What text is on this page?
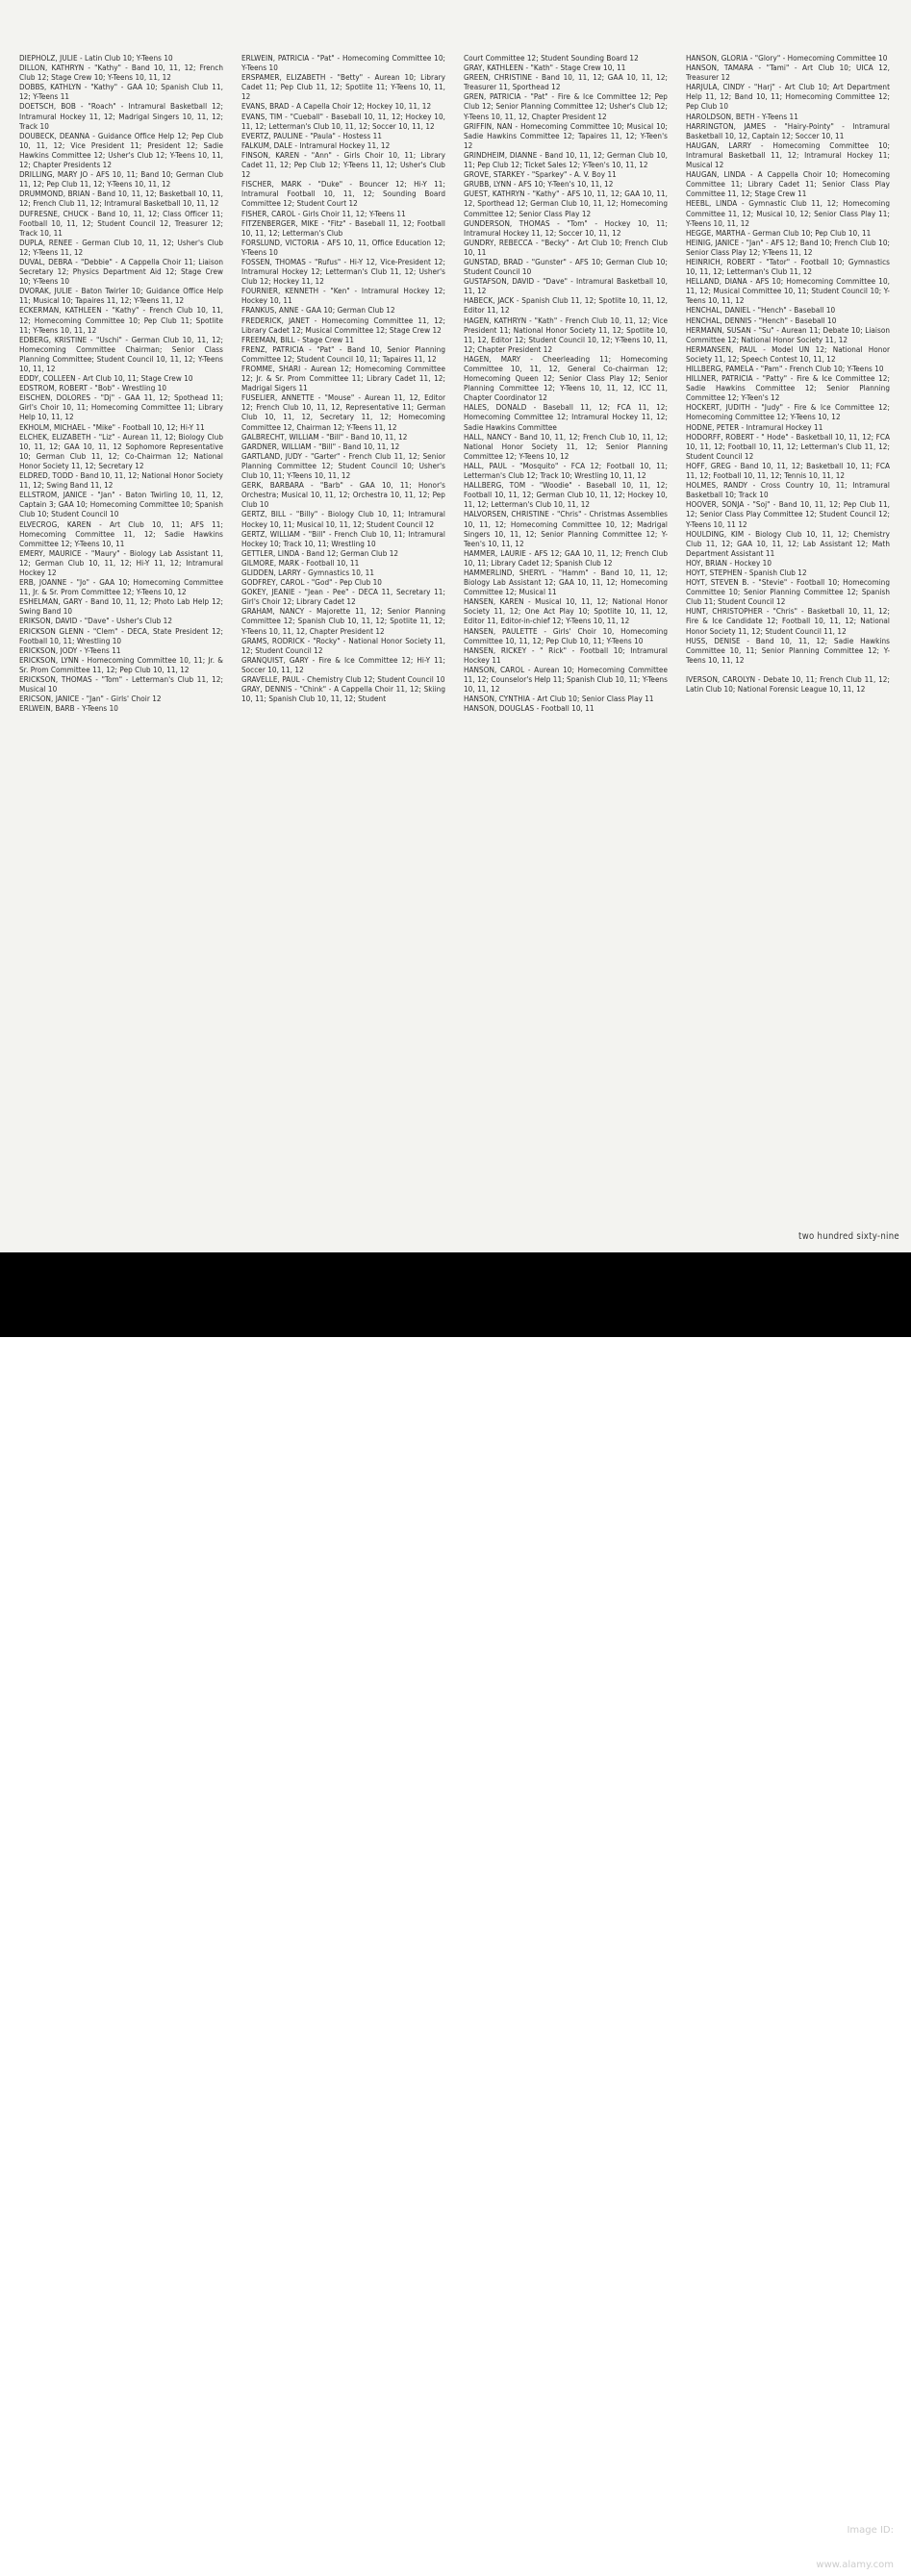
DIEPHOLZ, JULIE - Latin Club 10; Y-Teens 10

DILLON, KATHRYN - "Kathy" - Band 10, 11, 12; French Club 12; Stage Crew 10; Y-Teens 10, 11, 12

DOBBS, KATHLYN - "Kathy" - GAA 10; Spanish Club 11, 12; Y-Teens 11

DOETSCH, BOB - "Roach" - Intramural Basketball 12; Intramural Hockey 11, 12; Madrigal Singers 10, 11, 12; Track 10

DOUBECK, DEANNA - Guidance Office Help 12; Pep Club 10, 11, 12; Vice President 11; President 12; Sadie Hawkins Committee 12; Usher's Club 12; Y-Teens 10, 11, 12; Chapter Presidents 12

DRILLING, MARY JO - AFS 10, 11; Band 10; German Club 11, 12; Pep Club 11, 12; Y-Teens 10, 11, 12

DRUMMOND, BRIAN - Band 10, 11, 12; Basketball 10, 11, 12; French Club 11, 12; Intramural Basketball 10, 11, 12

DUFRESNE, CHUCK - Band 10, 11, 12; Class Officer 11; Football 10, 11, 12; Student Council 12, Treasurer 12; Track 10, 11

DUPLA, RENEE - German Club 10, 11, 12; Usher's Club 12; Y-Teens 11, 12

DUVAL, DEBRA - "Debbie" - A Cappella Choir 11; Liaison Secretary 12; Physics Department Aid 12; Stage Crew 10; Y-Teens 10

DVORAK, JULIE - Baton Twirler 10; Guidance Office Help 11; Musical 10; Tapaires 11, 12; Y-Teens 11, 12

ECKERMAN, KATHLEEN - "Kathy" - French Club 10, 11, 12; Homecoming Committee 10; Pep Club 11; Spotlite 11; Y-Teens 10, 11, 12

EDBERG, KRISTINE - "Uschi" - German Club 10, 11, 12; Homecoming Committee Chairman; Senior Class Planning Committee; Student Council 10, 11, 12; Y-Teens 10, 11, 12

EDDY, COLLEEN - Art Club 10, 11; Stage Crew 10

EDSTROM, ROBERT - "Bob" - Wrestling 10

EISCHEN, DOLORES - "Dj" - GAA 11, 12; Spothead 11; Girl's Choir 10, 11; Homecoming Committee 11; Library Help 10, 11, 12

EKHOLM, MICHAEL - "Mike" - Football 10, 12; Hi-Y 11

ELCHEK, ELIZABETH - "Liz" - Aurean 11, 12; Biology Club 10, 11, 12; GAA 10, 11, 12 Sophomore Representative 10; German Club 11, 12; Co-Chairman 12; National Honor Society 11, 12; Secretary 12

ELDRED, TODD - Band 10, 11, 12; National Honor Society 11, 12; Swing Band 11, 12

ELLSTROM, JANICE - "Jan" - Baton Twirling 10, 11, 12, Captain 3; GAA 10; Homecoming Committee 10; Spanish Club 10; Student Council 10

ELVECROG, KAREN - Art Club 10, 11; AFS 11; Homecoming Committee 11, 12; Sadie Hawkins Committee 12; Y-Teens 10, 11

EMERY, MAURICE - "Maury" - Biology Lab Assistant 11, 12; German Club 10, 11, 12; Hi-Y 11, 12; Intramural Hockey 12

ERB, JOANNE - "Jo" - GAA 10; Homecoming Committee 11, Jr. & Sr. Prom Committee 12; Y-Teens 10, 12

ESHELMAN, GARY - Band 10, 11, 12; Photo Lab Help 12; Swing Band 10

ERIKSON, DAVID - "Dave" - Usher's Club 12

ERICKSON GLENN - "Clem" - DECA, State President 12; Football 10, 11; Wrestling 10

ERICKSON, JODY - Y-Teens 11

ERICKSON, LYNN - Homecoming Committee 10, 11; Jr. & Sr. Prom Committee 11, 12; Pep Club 10, 11, 12

ERICKSON, THOMAS - "Tom" - Letterman's Club 11, 12; Musical 10

ERICSON, JANICE - "Jan" - Girls' Choir 12

ERLWEIN, BARB - Y-Teens 10

ERLWEIN, PATRICIA - "Pat" - Homecoming Committee 10; Y-Teens 10

ERSPAMER, ELIZABETH - "Betty" - Aurean 10; Library Cadet 11; Pep Club 11, 12; Spotlite 11; Y-Teens 10, 11, 12

EVANS, BRAD - A Capella Choir 12; Hockey 10, 11, 12

EVANS, TIM - "Cueball" - Baseball 10, 11, 12; Hockey 10, 11, 12; Letterman's Club 10, 11, 12; Soccer 10, 11, 12

EVERTZ, PAULINE - "Paula" - Hostess 11

FALKUM, DALE - Intramural Hockey 11, 12

FINSON, KAREN - "Ann" - Girls Choir 10, 11; Library Cadet 11, 12; Pep Club 12; Y-Teens 11, 12; Usher's Club 12

FISCHER, MARK - "Duke" - Bouncer 12; Hi-Y 11; Intramural Football 10, 11, 12; Sounding Board Committee 12; Student Court 12

FISHER, CAROL - Girls Choir 11, 12; Y-Teens 11

FITZENBERGER, MIKE - "Fitz" - Baseball 11, 12; Football 10, 11, 12; Letterman's Club

FORSLUND, VICTORIA - AFS 10, 11, Office Education 12; Y-Teens 10

FOSSEN, THOMAS - "Rufus" - Hi-Y 12, Vice-President 12; Intramural Hockey 12; Letterman's Club 11, 12; Usher's Club 12; Hockey 11, 12

FOURNIER, KENNETH - "Ken" - Intramural Hockey 12; Hockey 10, 11

FRANKUS, ANNE - GAA 10; German Club 12

FREDERICK, JANET - Homecoming Committee 11, 12; Library Cadet 12; Musical Committee 12; Stage Crew 12

FREEMAN, BILL - Stage Crew 11

FRENZ, PATRICIA - "Pat" - Band 10, Senior Planning Committee 12; Student Council 10, 11; Tapaires 11, 12

FROMME, SHARI - Aurean 12; Homecoming Committee 12; Jr. & Sr. Prom Committee 11; Library Cadet 11, 12; Madrigal Sigers 11

FUSELIER, ANNETTE - "Mouse" - Aurean 11, 12, Editor 12; French Club 10, 11, 12, Representative 11; German Club 10, 11, 12, Secretary 11, 12; Homecoming Committee 12, Chairman 12; Y-Teens 11, 12

GALBRECHT, WILLIAM - "Bill" - Band 10, 11, 12

GARDNER, WILLIAM - "Bill" - Band 10, 11, 12

GARTLAND, JUDY - "Garter" - French Club 11, 12; Senior Planning Committee 12; Student Council 10; Usher's Club 10, 11; Y-Teens 10, 11, 12

GERK, BARBARA - "Barb" - GAA 10, 11; Honor's Orchestra; Musical 10, 11, 12; Orchestra 10, 11, 12; Pep Club 10

GERTZ, BILL - "Billy" - Biology Club 10, 11; Intramural Hockey 10, 11; Musical 10, 11, 12; Student Council 12

GERTZ, WILLIAM - "Bill" - French Club 10, 11; Intramural Hockey 10; Track 10, 11; Wrestling 10

GETTLER, LINDA - Band 12; German Club 12

GILMORE, MARK - Football 10, 11

GLIDDEN, LARRY - Gymnastics 10, 11

GODFREY, CAROL - "God" - Pep Club 10

GOKEY, JEANIE - "Jean - Pee" - DECA 11, Secretary 11; Girl's Choir 12; Library Cadet 12

GRAHAM, NANCY - Majorette 11, 12; Senior Planning Committee 12; Spanish Club 10, 11, 12; Spotlite 11, 12; Y-Teens 10, 11, 12, Chapter President 12

GRAMS, RODRICK - "Rocky" - National Honor Society 11, 12; Student Council 12

GRANQUIST, GARY - Fire & Ice Committee 12; Hi-Y 11; Soccer 10, 11, 12

GRAVELLE, PAUL - Chemistry Club 12; Student Council 10

GRAY, DENNIS - "Chink" - A Cappella Choir 11, 12; Skiing 10, 11; Spanish Club 10, 11, 12; Student

Court Committee 12; Student Sounding Board 12

GRAY, KATHLEEN - "Kath" - Stage Crew 10, 11

GREEN, CHRISTINE - Band 10, 11, 12; GAA 10, 11, 12; Treasurer 11, Sporthead 12

GREN, PATRICIA - "Pat" - Fire & Ice Committee 12; Pep Club 12; Senior Planning Committee 12; Usher's Club 12; Y-Teens 10, 11, 12, Chapter President 12

GRIFFIN, NAN - Homecoming Committee 10; Musical 10; Sadie Hawkins Committee 12; Tapaires 11, 12; Y-Teen's 12

GRINDHEIM, DIANNE - Band 10, 11, 12; German Club 10, 11; Pep Club 12; Ticket Sales 12; Y-Teen's 10, 11, 12

GROVE, STARKEY - "Sparkey" - A. V. Boy 11

GRUBB, LYNN - AFS 10; Y-Teen's 10, 11, 12

GUEST, KATHRYN - "Kathy" - AFS 10, 11, 12; GAA 10, 11, 12, Sporthead 12; German Club 10, 11, 12; Homecoming Committee 12; Senior Class Play 12

GUNDERSON, THOMAS - "Tom" - Hockey 10, 11; Intramural Hockey 11, 12; Soccer 10, 11, 12

GUNDRY, REBECCA - "Becky" - Art Club 10; French Club 10, 11

GUNSTAD, BRAD - "Gunster" - AFS 10; German Club 10; Student Council 10

GUSTAFSON, DAVID - "Dave" - Intramural Basketball 10, 11, 12

HABECK, JACK - Spanish Club 11, 12; Spotlite 10, 11, 12, Editor 11, 12

HAGEN, KATHRYN - "Kath" - French Club 10, 11, 12; Vice President 11; National Honor Society 11, 12; Spotlite 10, 11, 12, Editor 12; Student Council 10, 12; Y-Teens 10, 11, 12; Chapter President 12

HAGEN, MARY - Cheerleading 11; Homecoming Committee 10, 11, 12, General Co-chairman 12; Homecoming Queen 12; Senior Class Play 12; Senior Planning Committee 12; Y-Teens 10, 11, 12, ICC 11, Chapter Coordinator 12

HALES, DONALD - Baseball 11, 12; FCA 11, 12; Homecoming Committee 12; Intramural Hockey 11, 12; Sadie Hawkins Committee

HALL, NANCY - Band 10, 11, 12; French Club 10, 11, 12; National Honor Society 11, 12; Senior Planning Committee 12; Y-Teens 10, 12

HALL, PAUL - "Mosquito" - FCA 12; Football 10, 11; Letterman's Club 12; Track 10; Wrestling 10, 11, 12

HALLBERG, TOM - "Woodie" - Baseball 10, 11, 12; Football 10, 11, 12; German Club 10, 11, 12; Hockey 10, 11, 12; Letterman's Club 10, 11, 12

HALVORSEN, CHRISTINE - "Chris" - Christmas Assemblies 10, 11, 12; Homecoming Committee 10, 12; Madrigal Singers 10, 11, 12; Senior Planning Committee 12; Y-Teen's 10, 11, 12

HAMMER, LAURIE - AFS 12; GAA 10, 11, 12; French Club 10, 11; Library Cadet 12; Spanish Club 12

HAMMERLIND, SHERYL - "Hamm" - Band 10, 11, 12; Biology Lab Assistant 12; GAA 10, 11, 12; Homecoming Committee 12; Musical 11

HANSEN, KAREN - Musical 10, 11, 12; National Honor Society 11, 12; One Act Play 10; Spotlite 10, 11, 12, Editor 11, Editor-in-chief 12; Y-Teens 10, 11, 12

HANSEN, PAULETTE - Girls' Choir 10, Homecoming Committee 10, 11, 12; Pep Club 10, 11; Y-Teens 10

HANSEN, RICKEY - " Rick" - Football 10; Intramural Hockey 11

HANSON, CAROL - Aurean 10; Homecoming Committee 11, 12; Counselor's Help 11; Spanish Club 10, 11; Y-Teens 10, 11, 12

HANSON, CYNTHIA - Art Club 10; Senior Class Play 11

HANSON, DOUGLAS - Football 10, 11

HANSON, GLORIA - "Glory" - Homecoming Committee 10

HANSON, TAMARA - "Tami" - Art Club 10; UICA 12, Treasurer 12

HARJULA, CINDY - "Harj" - Art Club 10; Art Department Help 11, 12; Band 10, 11; Homecoming Committee 12; Pep Club 10

HAROLDSON, BETH - Y-Teens 11

HARRINGTON, JAMES - "Hairy-Pointy" - Intramural Basketball 10, 12, Captain 12; Soccer 10, 11

HAUGAN, LARRY - Homecoming Committee 10; Intramural Basketball 11, 12; Intramural Hockey 11; Musical 12

HAUGAN, LINDA - A Cappella Choir 10; Homecoming Committee 11; Library Cadet 11; Senior Class Play Committee 11, 12; Stage Crew 11

HEEBL, LINDA - Gymnastic Club 11, 12; Homecoming Committee 11, 12; Musical 10, 12; Senior Class Play 11; Y-Teens 10, 11, 12

HEGGE, MARTHA - German Club 10; Pep Club 10, 11

HEINIG, JANICE - "Jan" - AFS 12; Band 10; French Club 10; Senior Class Play 12; Y-Teens 11, 12

HEINRICH, ROBERT - "Tator" - Football 10; Gymnastics 10, 11, 12; Letterman's Club 11, 12

HELLAND, DIANA - AFS 10; Homecoming Committee 10, 11, 12; Musical Committee 10, 11; Student Council 10; Y-Teens 10, 11, 12

HENCHAL, DANIEL - "Hench" - Baseball 10

HENCHAL, DENNIS - "Hench" - Baseball 10

HERMANN, SUSAN - "Su" - Aurean 11; Debate 10; Liaison Committee 12; National Honor Society 11, 12

HERMANSEN, PAUL - Model UN 12; National Honor Society 11, 12; Speech Contest 10, 11, 12

HILLBERG, PAMELA - "Pam" - French Club 10; Y-Teens 10

HILLNER, PATRICIA - "Patty" - Fire & Ice Committee 12; Sadie Hawkins Committee 12; Senior Planning Committee 12; Y-Teen's 12

HOCKERT, JUDITH - "Judy" - Fire & Ice Committee 12; Homecoming Committee 12; Y-Teens 10, 12

HODNE, PETER - Intramural Hockey 11

HODORFF, ROBERT - " Hode" - Basketball 10, 11, 12; FCA 10, 11, 12; Football 10, 11, 12; Letterman's Club 11, 12; Student Council 12

HOFF, GREG - Band 10, 11, 12; Basketball 10, 11; FCA 11, 12; Football 10, 11, 12; Tennis 10, 11, 12

HOLMES, RANDY - Cross Country 10, 11; Intramural Basketball 10; Track 10

HOOVER, SONJA - "Soj" - Band 10, 11, 12; Pep Club 11, 12; Senior Class Play Committee 12; Student Council 12; Y-Teens 10, 11 12

HOULDING, KIM - Biology Club 10, 11, 12; Chemistry Club 11, 12; GAA 10, 11, 12; Lab Assistant 12; Math Department Assistant 11

HOY, BRIAN - Hockey 10

HOYT, STEPHEN - Spanish Club 12

HOYT, STEVEN B. - "Stevie" - Football 10; Homecoming Committee 10; Senior Planning Committee 12; Spanish Club 11; Student Council 12

HUNT, CHRISTOPHER - "Chris" - Basketball 10, 11, 12; Fire & Ice Candidate 12; Football 10, 11, 12; National Honor Society 11, 12; Student Council 11, 12

HUSS, DENISE - Band 10, 11, 12; Sadie Hawkins Committee 10, 11; Senior Planning Committee 12; Y-Teens 10, 11, 12

IVERSON, CAROLYN - Debate 10, 11; French Club 11, 12; Latin Club 10; National Forensic League 10, 11, 12

two hundred sixty-nine
alamy	Image ID:
3AKNDX3
www.alamy.com
